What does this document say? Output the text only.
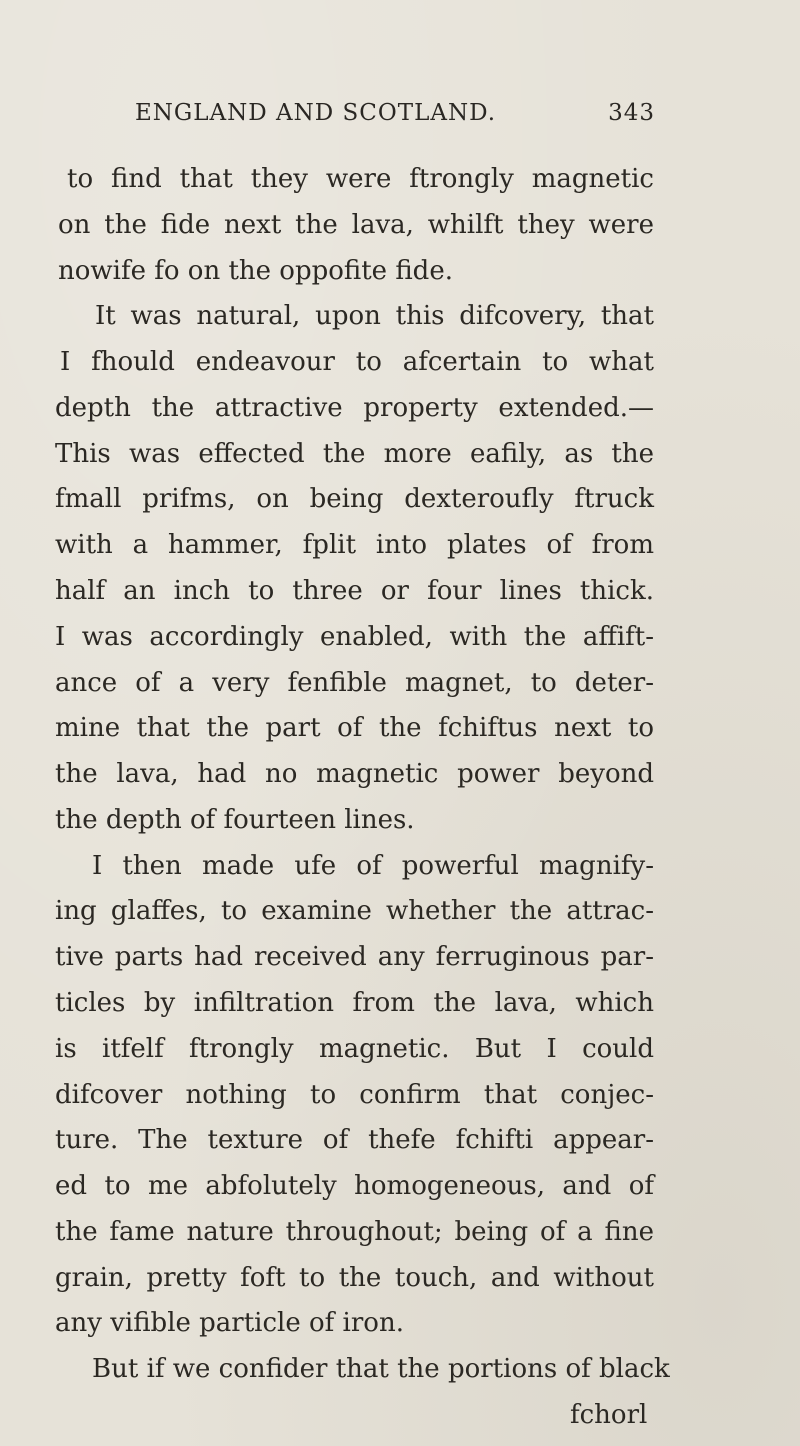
ENGLAND AND SCOTLAND.	343
to find that they were ftrongly magnetic
on the fide next the lava, whilft they were
nowife fo on the oppofite fide.
It was natural, upon this difcovery, that
I fhould endeavour to afcertain to what
depth the attractive property extended.—
This was effected the more eafily, as the
fmall prifms, on being dexteroufly ftruck
with a hammer, fplit into plates of from
half an inch to three or four lines thick.
I was accordingly enabled, with the affift-
ance of a very fenfible magnet, to deter-
mine that the part of the fchiftus next to
the lava, had no magnetic power beyond
the depth of fourteen lines.
I then made ufe of powerful magnify-
ing glaffes, to examine whether the attrac-
tive parts had received any ferruginous par-
ticles by infiltration from the lava, which
is itfelf ftrongly magnetic. But I could
difcover nothing to confirm that conjec-
ture. The texture of thefe fchifti appear-
ed to me abfolutely homogeneous, and of
the fame nature throughout; being of a fine
grain, pretty foft to the touch, and without
any vifible particle of iron.
But if we confider that the portions of black
fchorl
